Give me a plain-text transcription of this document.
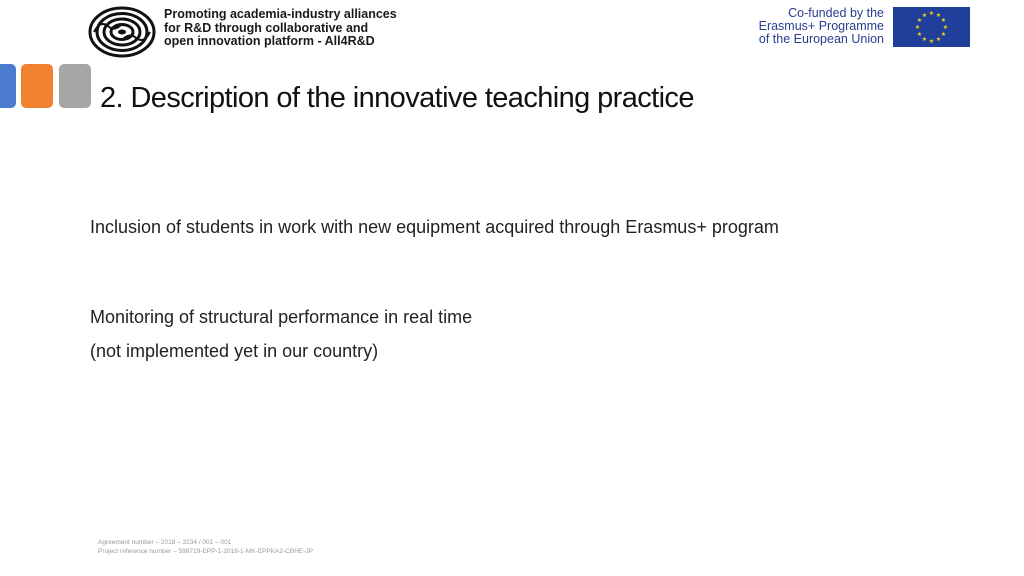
Promoting academia-industry alliances
for R&D through collaborative and
open innovation platform - All4R&D
Co-funded by the
Erasmus+ Programme
of the European Union
★ ★
★
★
★
★
★
★
★
★
★
★
2. Description of the innovative teaching practice
Inclusion of students in work with new equipment acquired through Erasmus+ program
Monitoring of structural performance in real time
(not implemented yet in our country)
Agreement number – 2018 – 3234 / 001 – 001
Project reference number – 598719-EPP-1-2018-1-MK-EPPKA2-CBHE-JP
